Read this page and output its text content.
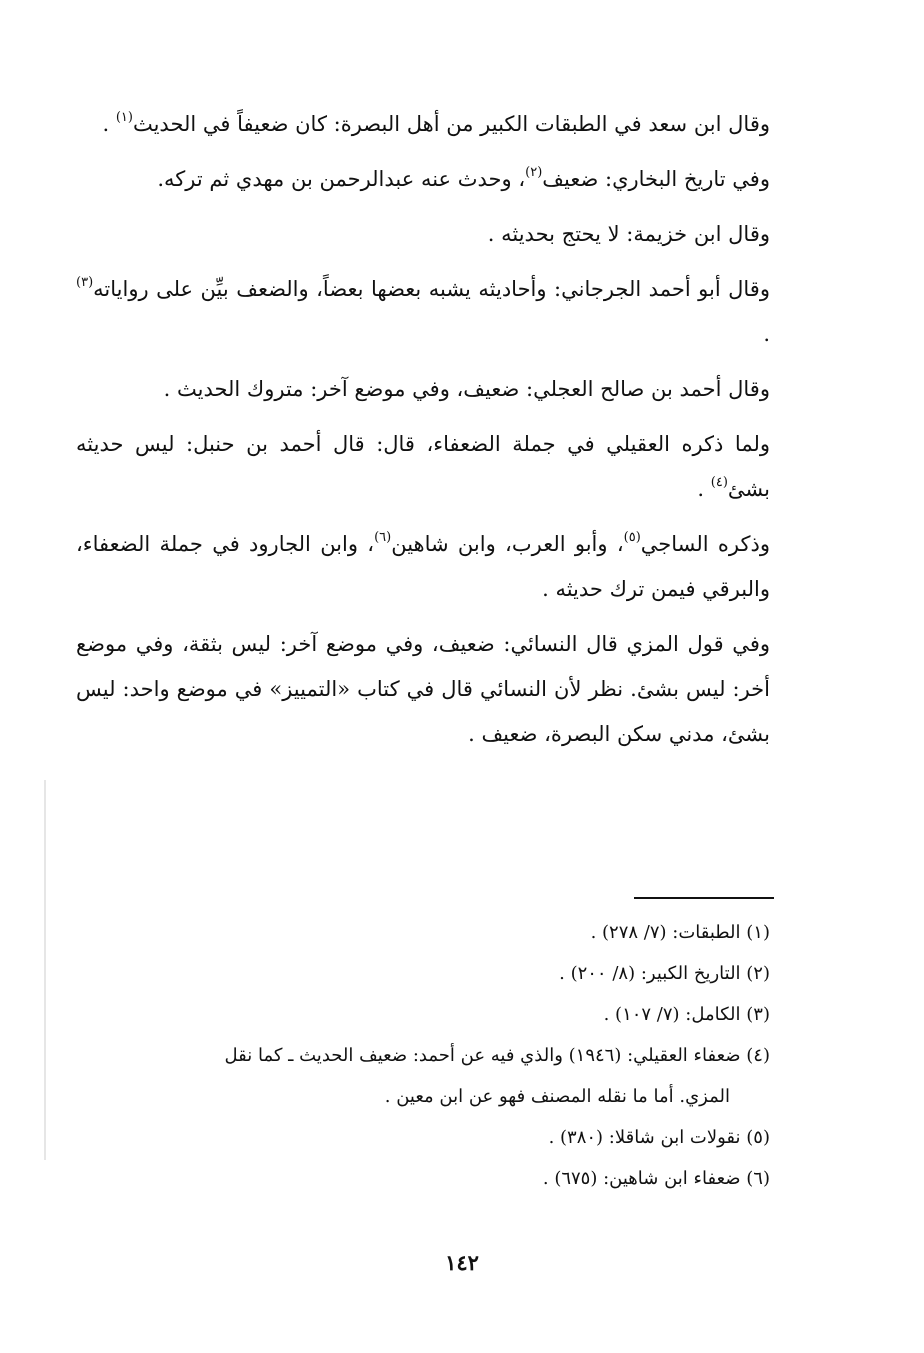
وقال ابن سعد في الطبقات الكبير من أهل البصرة: كان ضعيفاً في الحديث$^{(١)}$ .

وفي تاريخ البخاري: ضعيف$^{(٢)}$، وحدث عنه عبدالرحمن بن مهدي ثم تركه.

وقال ابن خزيمة: لا يحتج بحديثه .

وقال أبو أحمد الجرجاني: وأحاديثه يشبه بعضها بعضاً، والضعف بيِّن على رواياته$^{(٣)}$ .

وقال أحمد بن صالح العجلي: ضعيف، وفي موضع آخر: متروك الحديث .

ولما ذكره العقيلي في جملة الضعفاء، قال: قال أحمد بن حنبل: ليس حديثه بشئ$^{(٤)}$ .

وذكره الساجي$^{(٥)}$، وأبو العرب، وابن شاهين$^{(٦)}$، وابن الجارود في جملة الضعفاء، والبرقي فيمن ترك حديثه .

وفي قول المزي قال النسائي: ضعيف، وفي موضع آخر: ليس بثقة، وفي موضع أخر: ليس بشئ. نظر لأن النسائي قال في كتاب «التمييز» في موضع واحد: ليس بشئ، مدني سكن البصرة، ضعيف .

(١) الطبقات: (٧/ ٢٧٨) .

(٢) التاريخ الكبير: (٨/ ٢٠٠) .

(٣) الكامل: (٧/ ١٠٧) .

(٤) ضعفاء العقيلي: (١٩٤٦) والذي فيه عن أحمد: ضعيف الحديث ـ كما نقل

المزي. أما ما نقله المصنف فهو عن ابن معين .

(٥) نقولات ابن شاقلا: (٣٨٠) .

(٦) ضعفاء ابن شاهين: (٦٧٥) .

١٤٢
